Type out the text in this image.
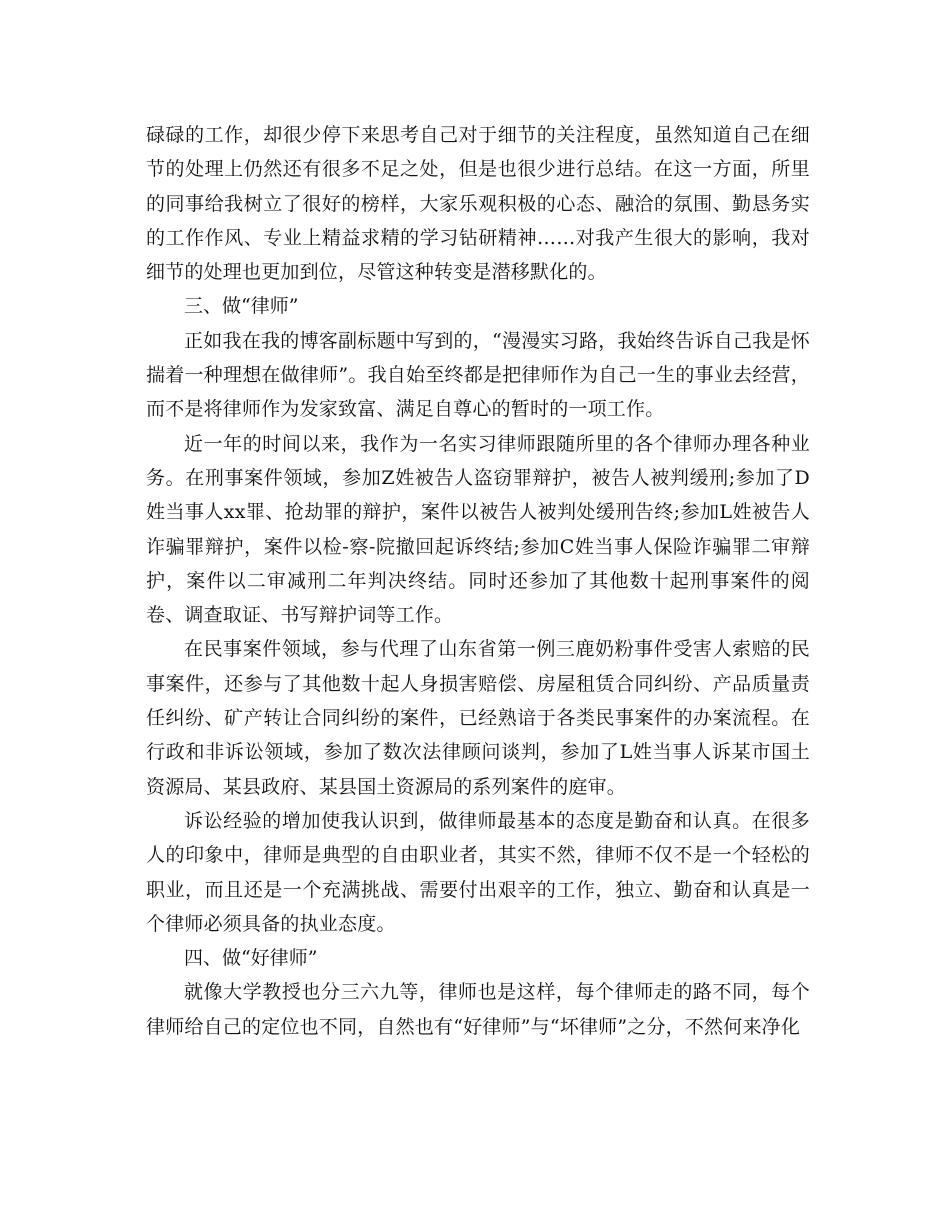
碌碌的工作，却很少停下来思考自己对于细节的关注程度，虽然知道自己在细节的处理上仍然还有很多不足之处，但是也很少进行总结。在这一方面，所里的同事给我树立了很好的榜样，大家乐观积极的心态、融洽的氛围、勤恳务实的工作作风、专业上精益求精的学习钻研精神……对我产生很大的影响，我对细节的处理也更加到位，尽管这种转变是潜移默化的。

三、做“律师”

正如我在我的博客副标题中写到的，“漫漫实习路，我始终告诉自己我是怀揣着一种理想在做律师”。我自始至终都是把律师作为自己一生的事业去经营，而不是将律师作为发家致富、满足自尊心的暂时的一项工作。

近一年的时间以来，我作为一名实习律师跟随所里的各个律师办理各种业务。在刑事案件领域，参加Z姓被告人盗窃罪辩护，被告人被判缓刑;参加了D姓当事人xx罪、抢劫罪的辩护，案件以被告人被判处缓刑告终;参加L姓被告人诈骗罪辩护，案件以检-察-院撤回起诉终结;参加C姓当事人保险诈骗罪二审辩护，案件以二审减刑二年判决终结。同时还参加了其他数十起刑事案件的阅卷、调查取证、书写辩护词等工作。

在民事案件领域，参与代理了山东省第一例三鹿奶粉事件受害人索赔的民事案件，还参与了其他数十起人身损害赔偿、房屋租赁合同纠纷、产品质量责任纠纷、矿产转让合同纠纷的案件，已经熟谙于各类民事案件的办案流程。在行政和非诉讼领域，参加了数次法律顾问谈判，参加了L姓当事人诉某市国土资源局、某县政府、某县国土资源局的系列案件的庭审。

诉讼经验的增加使我认识到，做律师最基本的态度是勤奋和认真。在很多人的印象中，律师是典型的自由职业者，其实不然，律师不仅不是一个轻松的职业，而且还是一个充满挑战、需要付出艰辛的工作，独立、勤奋和认真是一个律师必须具备的执业态度。

四、做“好律师”

就像大学教授也分三六九等，律师也是这样，每个律师走的路不同，每个律师给自己的定位也不同，自然也有“好律师”与“坏律师”之分，不然何来净化
